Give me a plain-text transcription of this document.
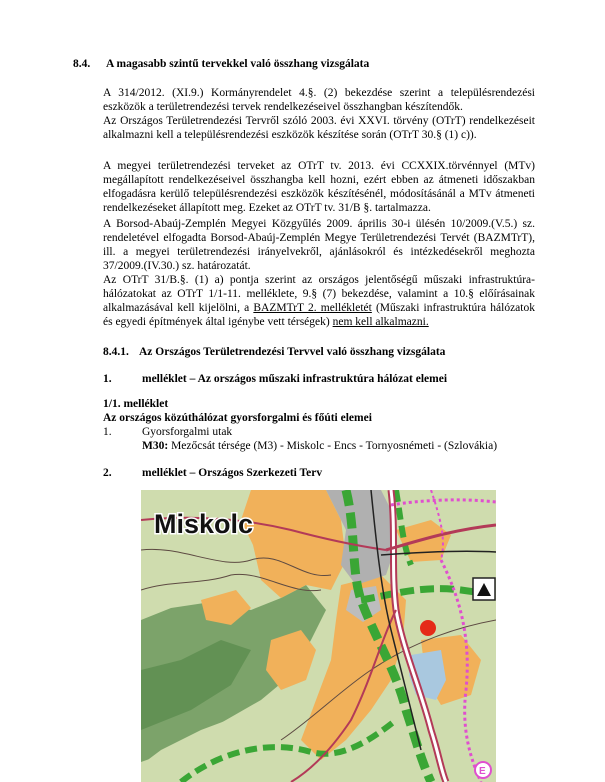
8.4. A magasabb szintű tervekkel való összhang vizsgálata

A 314/2012. (XI.9.) Kormányrendelet 4.§. (2) bekezdése szerint a településrendezési eszközök a területrendezési tervek rendelkezéseivel összhangban készítendők.

Az Országos Területrendezési Tervről szóló 2003. évi XXVI. törvény (OTrT) rendelkezéseit alkalmazni kell a településrendezési eszközök készítése során (OTrT 30.§ (1) c)).

A megyei területrendezési terveket az OTrT tv. 2013. évi CCXXIX.törvénnyel (MTv) megállapított rendelkezéseivel összhangba kell hozni, ezért ebben az átmeneti időszakban elfogadásra kerülő településrendezési eszközök készítésénél, módosításánál a MTv átmeneti rendelkezéseket állapított meg. Ezeket az OTrT tv. 31/B §. tartalmazza.

A Borsod-Abaúj-Zemplén Megyei Közgyűlés 2009. április 30-i ülésén 10/2009.(V.5.) sz. rendeletével elfogadta Borsod-Abaúj-Zemplén Megye Területrendezési Tervét (BAZMTrT), ill. a megyei területrendezési irányelvekről, ajánlásokról és intézkedésekről meghozta 37/2009.(IV.30.) sz. határozatát.

Az OTrT 31/B.§. (1) a) pontja szerint az országos jelentőségű műszaki infrastruktúra-hálózatokat az OTrT 1/1-11. melléklete, 9.§ (7) bekezdése, valamint a 10.§ előírásainak alkalmazásával kell kijelölni, a BAZMTrT 2. mellékletét (Műszaki infrastruktúra hálózatok és egyedi építmények által igénybe vett térségek) nem kell alkalmazni.

8.4.1. Az Országos Területrendezési Tervvel való összhang vizsgálata
1.	melléklet – Az országos műszaki infrastruktúra hálózat elemei
1/1. melléklet
Az országos közúthálózat gyorsforgalmi és főúti elemei
1.	Gyorsforgalmi utak
M30: Mezőcsát térsége (M3) - Miskolc - Encs - Tornyosnémeti - (Szlovákia)
2.	melléklet – Országos Szerkezeti Terv
E
Miskolc
